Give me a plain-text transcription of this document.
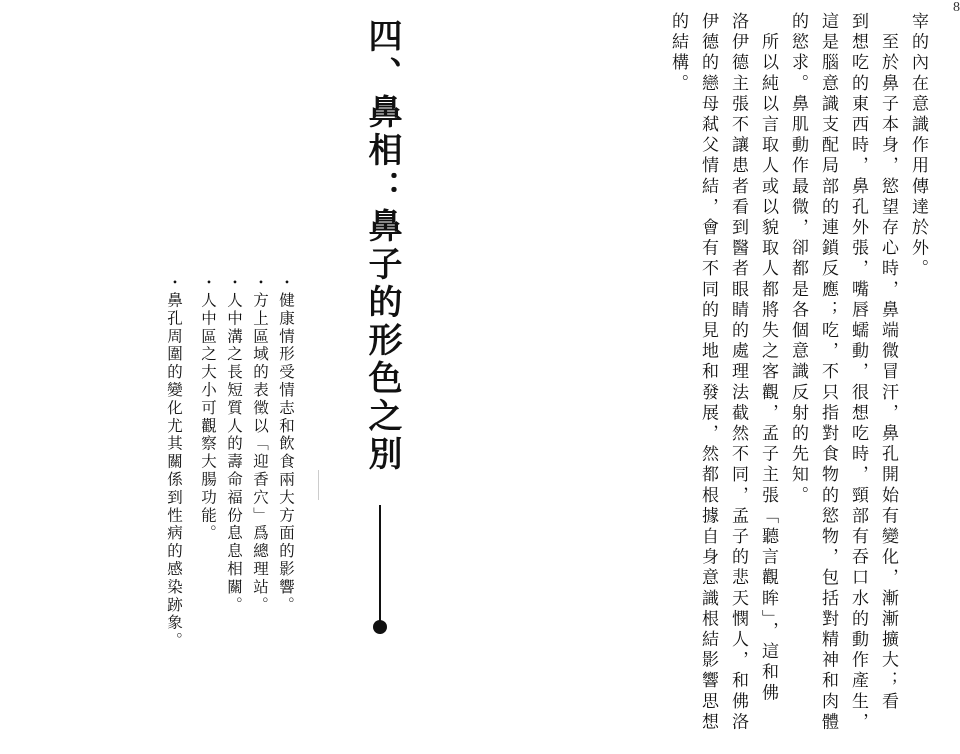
8
宰的內在意識作用傳達於外。
　至於鼻子本身，慾望存心時，鼻端微冒汗，鼻孔開始有變化，漸漸擴大；看
到想吃的東西時，鼻孔外張，嘴唇蠕動，很想吃時，頸部有吞口水的動作產生，
這是腦意識支配局部的連鎖反應；吃，不只指對食物的慾物，包括對精神和肉體
的慾求。鼻肌動作最微，卻都是各個意識反射的先知。
　所以純以言取人或以貌取人都將失之客觀，孟子主張「聽言觀眸」，這和佛
洛伊德主張不讓患者看到醫者眼睛的處理法截然不同，孟子的悲天憫人，和佛洛
伊德的戀母弒父情結，會有不同的見地和發展，然都根據自身意識根結影響思想
的結構。
四、鼻相：鼻子的形色之別
・健康情形受情志和飲食兩大方面的影響。
・方上區域的表徵以「迎香穴」爲總理站。
・人中溝之長短質人的壽命福份息息相關。
・人中區之大小可觀察大腸功能。
・鼻孔周圍的變化尤其關係到性病的感染跡象。
